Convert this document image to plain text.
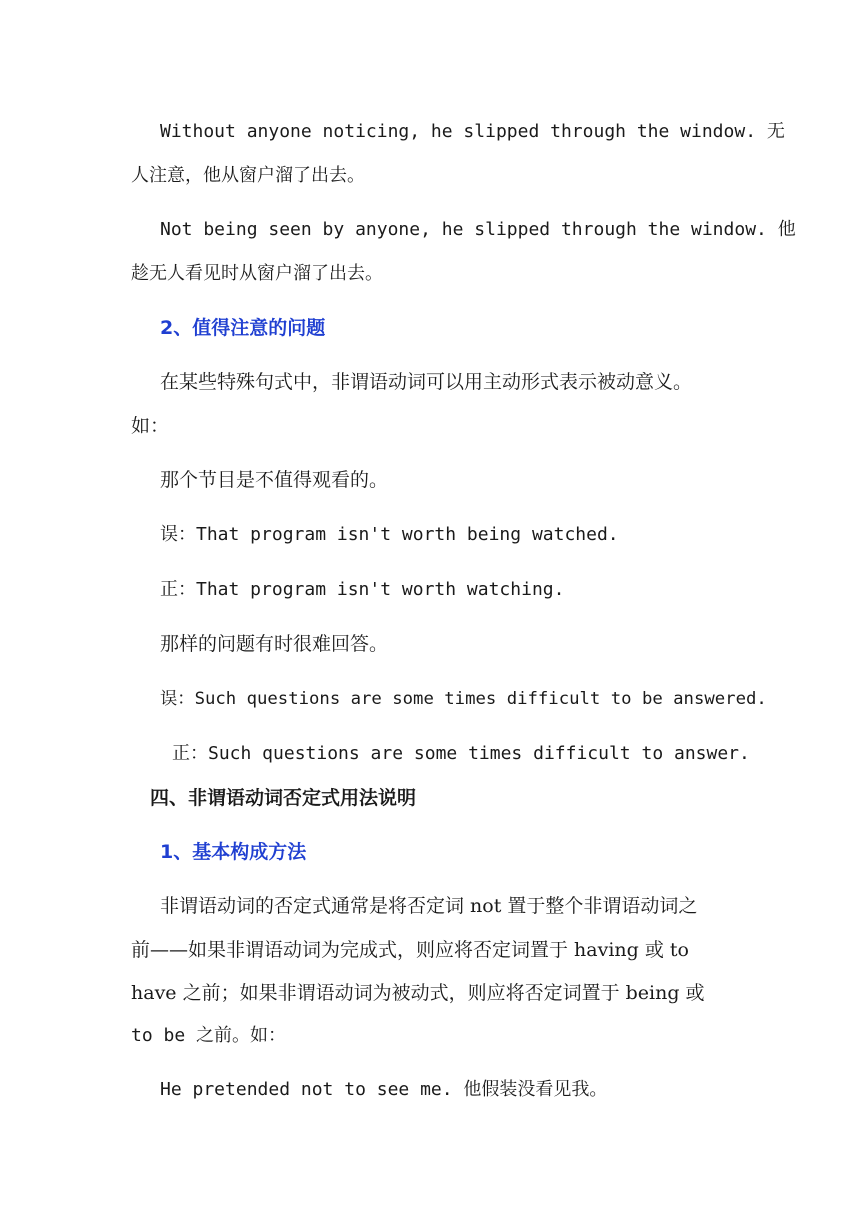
Without anyone noticing, he slipped through the window. 无
人注意，他从窗户溜了出去。
Not being seen by anyone, he slipped through the window. 他
趁无人看见时从窗户溜了出去。
2、值得注意的问题
在某些特殊句式中，非谓语动词可以用主动形式表示被动意义。
如：
那个节目是不值得观看的。
误：That program isn't worth being watched.
正：That program isn't worth watching.
那样的问题有时很难回答。
误：Such questions are some times difficult to be answered.
正：Such questions are some times difficult to answer.
四、非谓语动词否定式用法说明
1、基本构成方法
非谓语动词的否定式通常是将否定词 not 置于整个非谓语动词之
前——如果非谓语动词为完成式，则应将否定词置于 having 或 to
have 之前；如果非谓语动词为被动式，则应将否定词置于 being 或
to be 之前。如：
He pretended not to see me. 他假装没看见我。
